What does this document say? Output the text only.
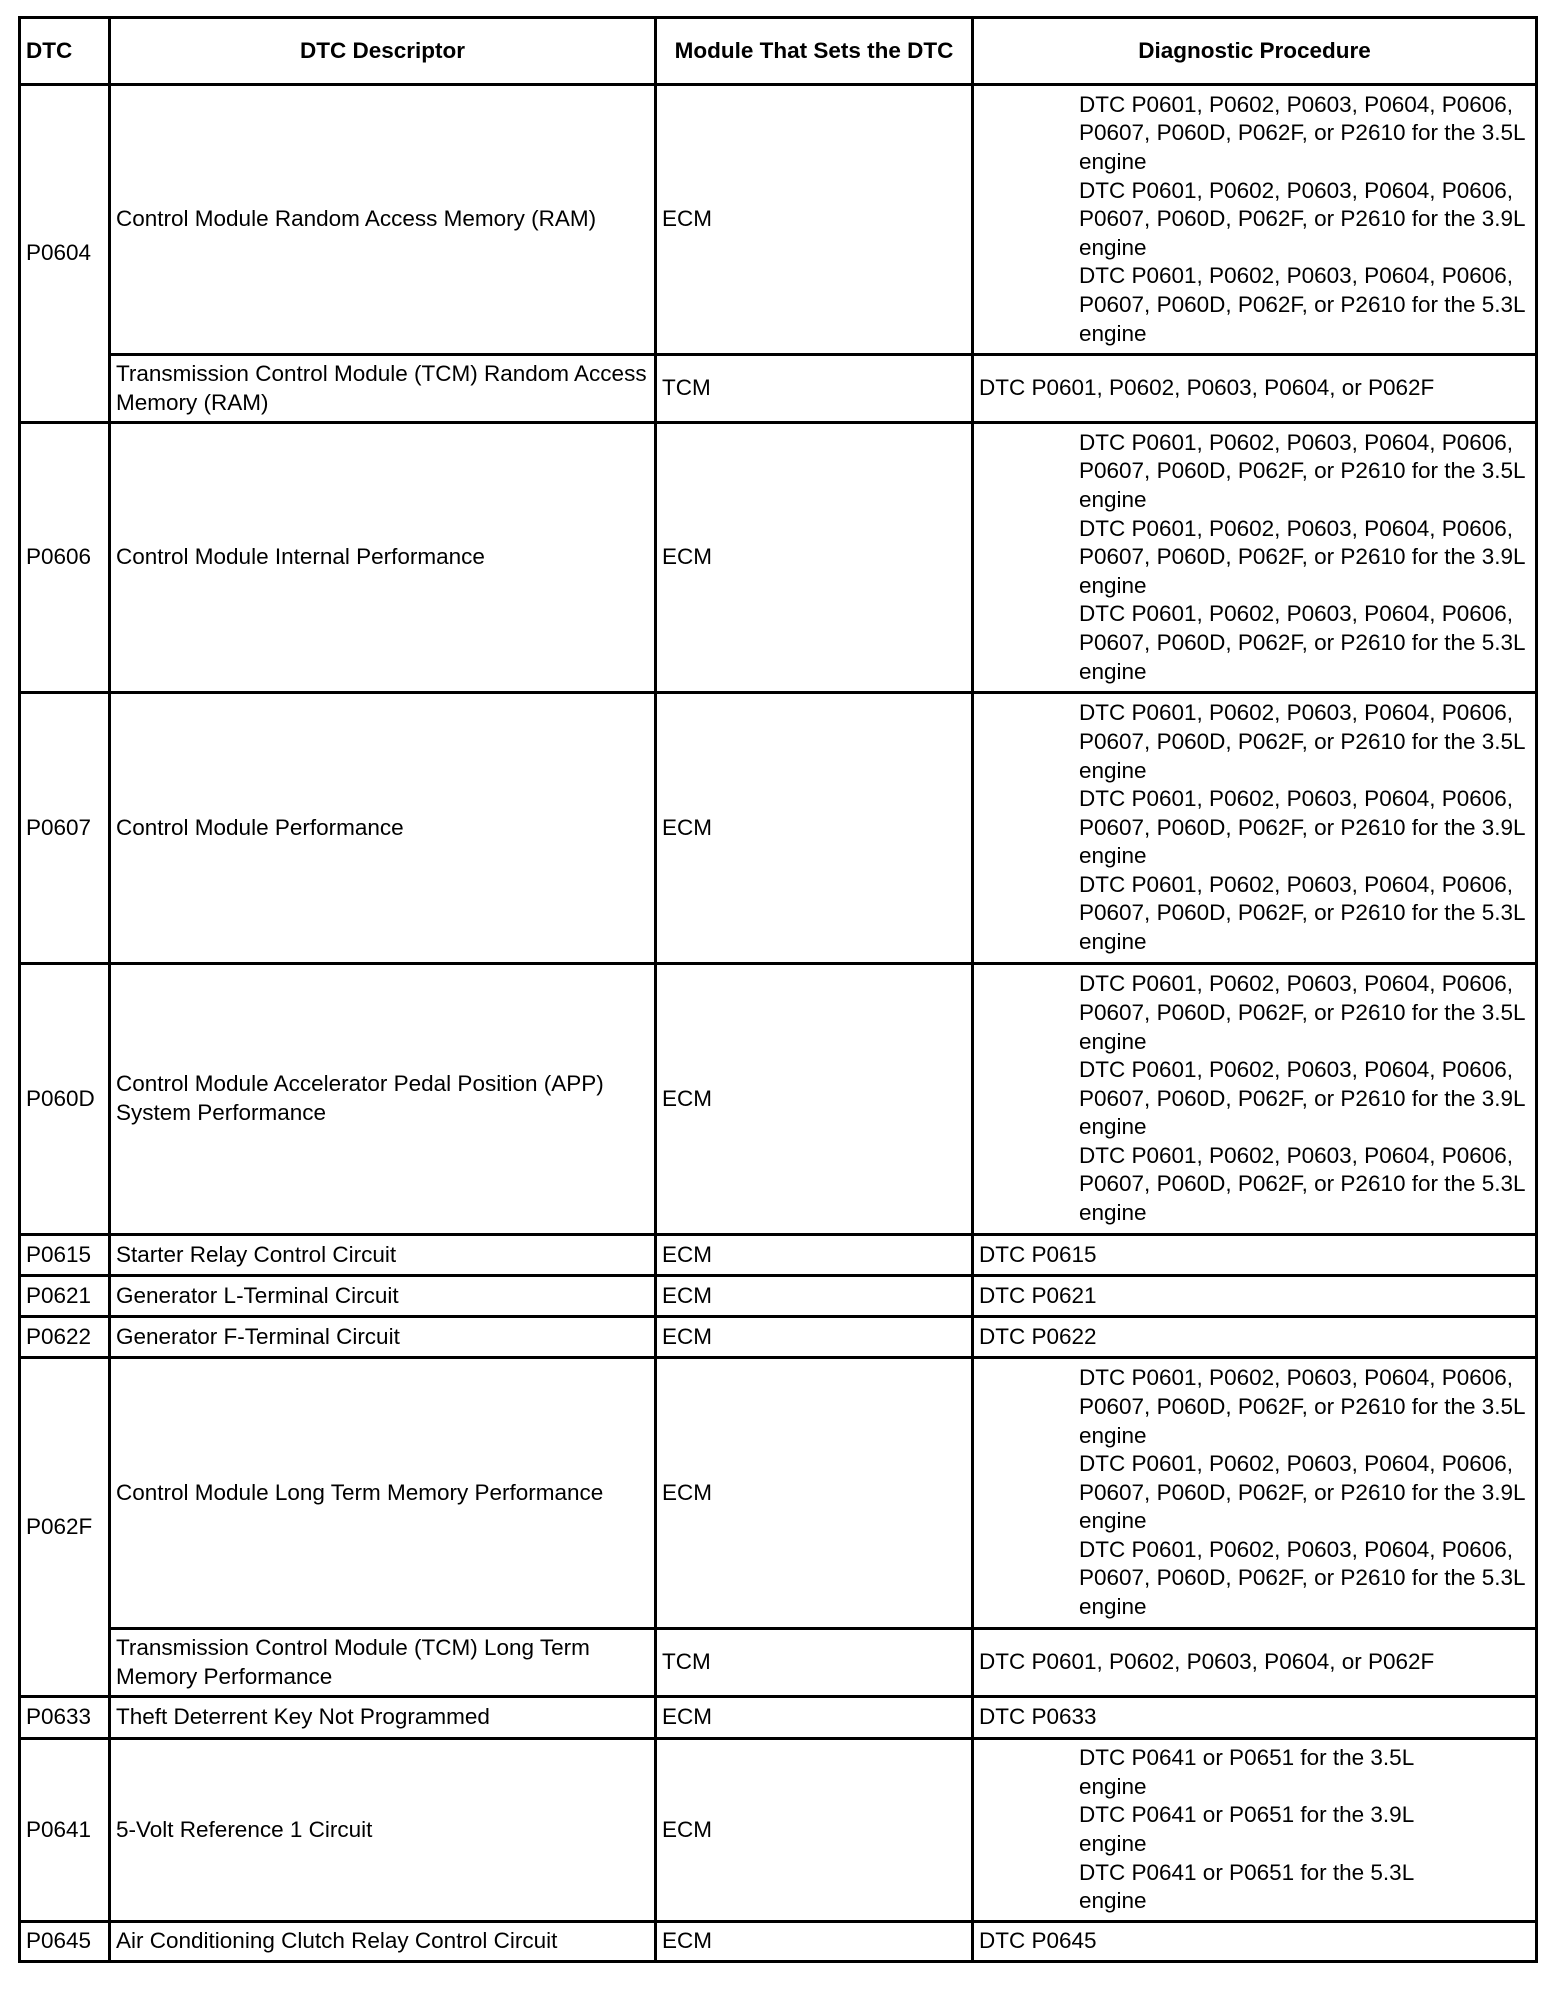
DTC	DTC Descriptor	Module That Sets the DTC	Diagnostic Procedure
P0604	Control Module Random Access Memory (RAM)	ECM	DTC P0601, P0602, P0603, P0604, P0606, P0607, P060D, P062F, or P2610 for the 3.5L engine
DTC P0601, P0602, P0603, P0604, P0606, P0607, P060D, P062F, or P2610 for the 3.9L engine
DTC P0601, P0602, P0603, P0604, P0606, P0607, P060D, P062F, or P2610 for the 5.3L engine

	Transmission Control Module (TCM) Random Access Memory (RAM)	TCM	DTC P0601, P0602, P0603, P0604, or P062F
P0606	Control Module Internal Performance	ECM	DTC P0601, P0602, P0603, P0604, P0606, P0607, P060D, P062F, or P2610 for the 3.5L engine
DTC P0601, P0602, P0603, P0604, P0606, P0607, P060D, P062F, or P2610 for the 3.9L engine
DTC P0601, P0602, P0603, P0604, P0606, P0607, P060D, P062F, or P2610 for the 5.3L engine

P0607	Control Module Performance	ECM	DTC P0601, P0602, P0603, P0604, P0606, P0607, P060D, P062F, or P2610 for the 3.5L engine
DTC P0601, P0602, P0603, P0604, P0606, P0607, P060D, P062F, or P2610 for the 3.9L engine
DTC P0601, P0602, P0603, P0604, P0606, P0607, P060D, P062F, or P2610 for the 5.3L engine

P060D	Control Module Accelerator Pedal Position (APP) System Performance	ECM	DTC P0601, P0602, P0603, P0604, P0606, P0607, P060D, P062F, or P2610 for the 3.5L engine
DTC P0601, P0602, P0603, P0604, P0606, P0607, P060D, P062F, or P2610 for the 3.9L engine
DTC P0601, P0602, P0603, P0604, P0606, P0607, P060D, P062F, or P2610 for the 5.3L engine

P0615	Starter Relay Control Circuit	ECM	DTC P0615
P0621	Generator L-Terminal Circuit	ECM	DTC P0621
P0622	Generator F-Terminal Circuit	ECM	DTC P0622
P062F	Control Module Long Term Memory Performance	ECM	DTC P0601, P0602, P0603, P0604, P0606, P0607, P060D, P062F, or P2610 for the 3.5L engine
DTC P0601, P0602, P0603, P0604, P0606, P0607, P060D, P062F, or P2610 for the 3.9L engine
DTC P0601, P0602, P0603, P0604, P0606, P0607, P060D, P062F, or P2610 for the 5.3L engine

	Transmission Control Module (TCM) Long Term Memory Performance	TCM	DTC P0601, P0602, P0603, P0604, or P062F
P0633	Theft Deterrent Key Not Programmed	ECM	DTC P0633
P0641	5-Volt Reference 1 Circuit	ECM	DTC P0641 or P0651 for the 3.5L engine
DTC P0641 or P0651 for the 3.9L engine
DTC P0641 or P0651 for the 5.3L engine

P0645	Air Conditioning Clutch Relay Control Circuit	ECM	DTC P0645
